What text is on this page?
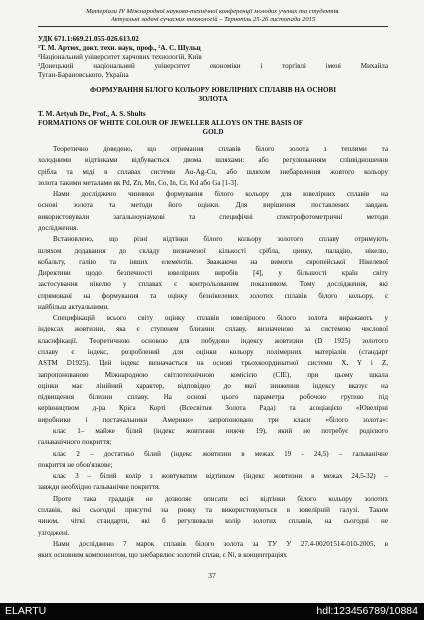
Матеріали IV Міжнародної науково-технічної конференції молодих учених та студентів.
Актуальні задачі сучасних технологій – Тернопіль 25-26 листопада 2015
УДК 671.1:669.21.055-026.613.02
¹Т. М. Артюх, докт. техн. наук, проф., ²А. С. Шульц
¹Національний університет харчових технологій, Київ
²Донецький національний університет економіки і торгівлі імені Михайла
Туган-Барановського, Україна
ФОРМУВАННЯ БІЛОГО КОЛЬОРУ ЮВЕЛІРНИХ СПЛАВІВ НА ОСНОВІ
ЗОЛОТА
T. M. Artyuh Dr., Prof., A. S. Shults
FORMATIONS OF WHITE COLOUR OF JEWELLER ALLOYS ON THE BASIS OF
GOLD
Теоретично доведено, що отримання сплавів білого золота з теплими та
холодними відтінками відбувається двома шляхами: або регулюванням співвідношення
срібла та міді в сплавах системи Au-Ag-Cu, або шляхом знебарвлення жовтого кольору
золота такими металами як Pd, Zn, Mn, Co, In, Cr, Kd або Ga [1-3].
Нами досліджено чинники формування білого кольору для ювелірних сплавів на
основі золота та методи його оцінки. Для вирішення поставлених завдань
використовували загальноунаукові та специфічні спектрофотометричні методи
дослідження.
Встановлено, що різні відтінки білого кольору золотого сплаву отримують
шляхом додавання до складу визначеної кількості срібла, цинку, паладію, нікелю,
кобальту, галію та інших елементів. Зважаючи на вимоги європейської Нікелевої
Директиви щодо безпечності ювелірних виробів [4], у більшості країн світу
застосування нікелю у сплавах є контрольованим показником. Тому дослідження, які
спрямовані на формування та оцінку безнікелевих золотих сплавів білого кольору, є
найбільш актуальними.
Специфікацій всього світу оцінку сплавів ювелірного білого золота виражають у
індексах жовтизни, яка є ступенем близини сплаву, визначеною за системою числової
класифікації. Теоретичною основою для побудови індексу жовтизни (D 1925) золотого
сплаву є індекс, розроблений для оцінки кольору полімерних матеріалів (стандарт
ASTM D1925). Цей індекс визначається на основі трьохкоординатної системи X, Y і Z,
запропонованою Міжнародною світлотехнічною комісією (CIE), при цьому шкала
оцінки має лінійний характер, відповідно до якої зниження індексу вказує на
підвищення білизни сплаву. На основі цього параметра робочою групою під
керівництвом д-ра Кріса Корті (Всесвітня Золота Рада) та асоціацією «Ювелірні
виробники і постачальники Америки» запропоновано три класи «білого золота»:
клас 1– майже білий (індекс жовтизни нижче 19), який не потребує родієвого
гальванічного покриття;
клас 2 – достатньо білий (індекс жовтизни в межах 19 - 24,5) – гальванічне
покриття не обов'язкове;
клас 3 – білий колір з жовтуватим відтінком (індекс жовтизни в межах 24,5-32) –
завжди необхідно гальванічне покриття.
Проте така градація не дозволяє описати всі відтінки білого кольору золотих
сплавів, які сьогодні присутні на ринку та використовуються в ювелірній галузі. Таким
чином, чіткі стандарти, які б регулювали колір золотих сплавів, на сьогодні не
узгоджені.
Нами досліджено 7 марок сплавів білого золота за ТУ У 27.4-00201514-010-2005, в
яких основним компонентом, що знебарвлює золотий сплав, є Ni, в концентраціях
37
ELARTU	hdl:123456789/10884
